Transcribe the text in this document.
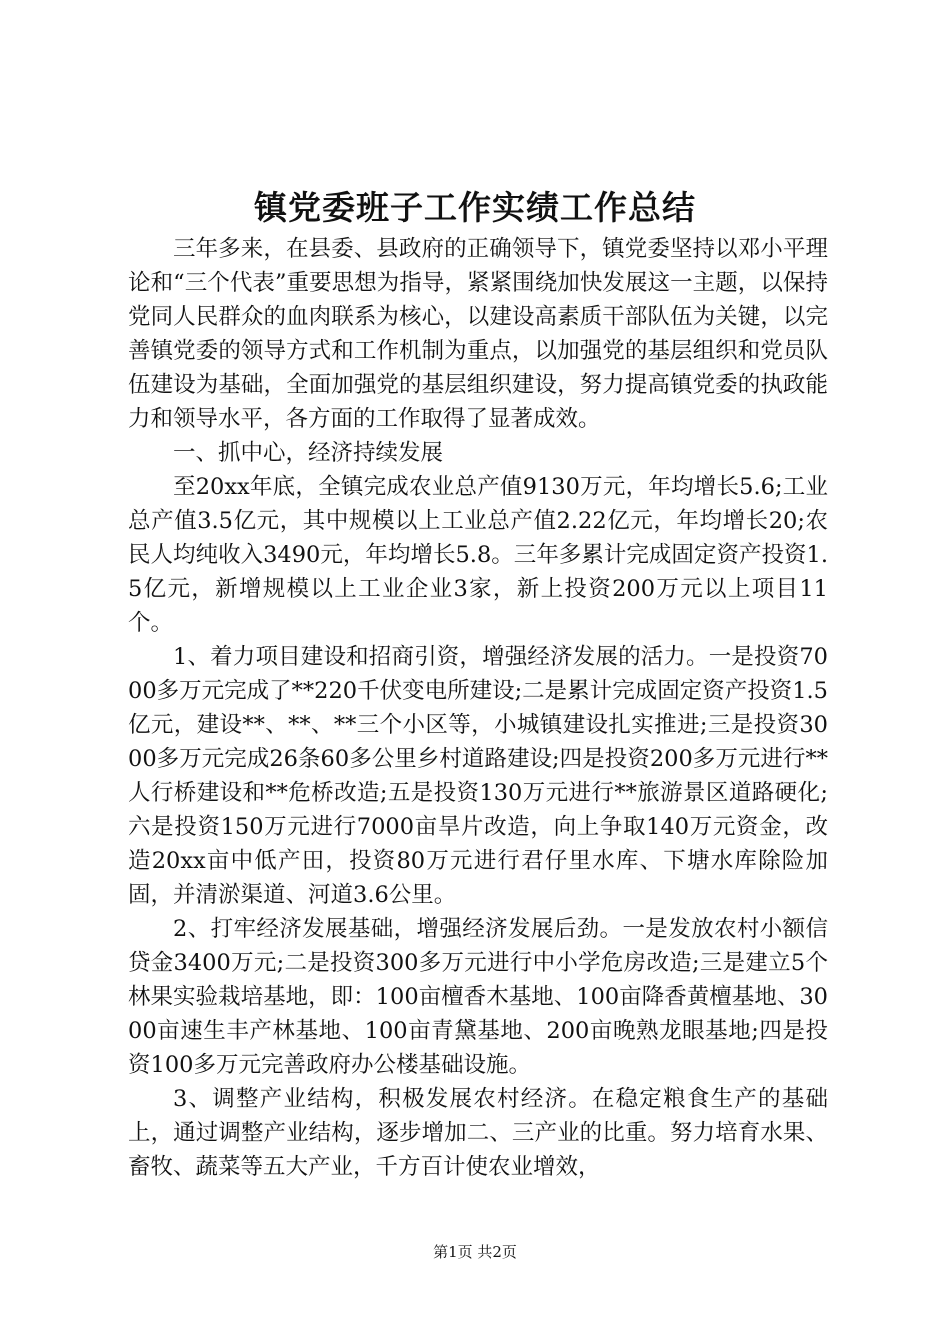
镇党委班子工作实绩工作总结

三年多来，在县委、县政府的正确领导下，镇党委坚持以邓小平理论和“三个代表”重要思想为指导，紧紧围绕加快发展这一主题，以保持党同人民群众的血肉联系为核心，以建设高素质干部队伍为关键，以完善镇党委的领导方式和工作机制为重点，以加强党的基层组织和党员队伍建设为基础，全面加强党的基层组织建设，努力提高镇党委的执政能力和领导水平，各方面的工作取得了显著成效。

一、抓中心，经济持续发展

至20xx年底，全镇完成农业总产值9130万元，年均增长5.6;工业总产值3.5亿元，其中规模以上工业总产值2.22亿元，年均增长20;农民人均纯收入3490元，年均增长5.8。三年多累计完成固定资产投资1.5亿元，新增规模以上工业企业3家，新上投资200万元以上项目11个。

1、着力项目建设和招商引资，增强经济发展的活力。一是投资7000多万元完成了**220千伏变电所建设;二是累计完成固定资产投资1.5亿元，建设**、**、**三个小区等，小城镇建设扎实推进;三是投资3000多万元完成26条60多公里乡村道路建设;四是投资200多万元进行**人行桥建设和**危桥改造;五是投资130万元进行**旅游景区道路硬化;六是投资150万元进行7000亩旱片改造，向上争取140万元资金，改造20xx亩中低产田，投资80万元进行君仔里水库、下塘水库除险加固，并清淤渠道、河道3.6公里。

2、打牢经济发展基础，增强经济发展后劲。一是发放农村小额信贷金3400万元;二是投资300多万元进行中小学危房改造;三是建立5个林果实验栽培基地，即：100亩檀香木基地、100亩降香黄檀基地、3000亩速生丰产林基地、100亩青黛基地、200亩晚熟龙眼基地;四是投资100多万元完善政府办公楼基础设施。

3、调整产业结构，积极发展农村经济。在稳定粮食生产的基础上，通过调整产业结构，逐步增加二、三产业的比重。努力培育水果、畜牧、蔬菜等五大产业，千方百计使农业增效，

第1页 共2页
